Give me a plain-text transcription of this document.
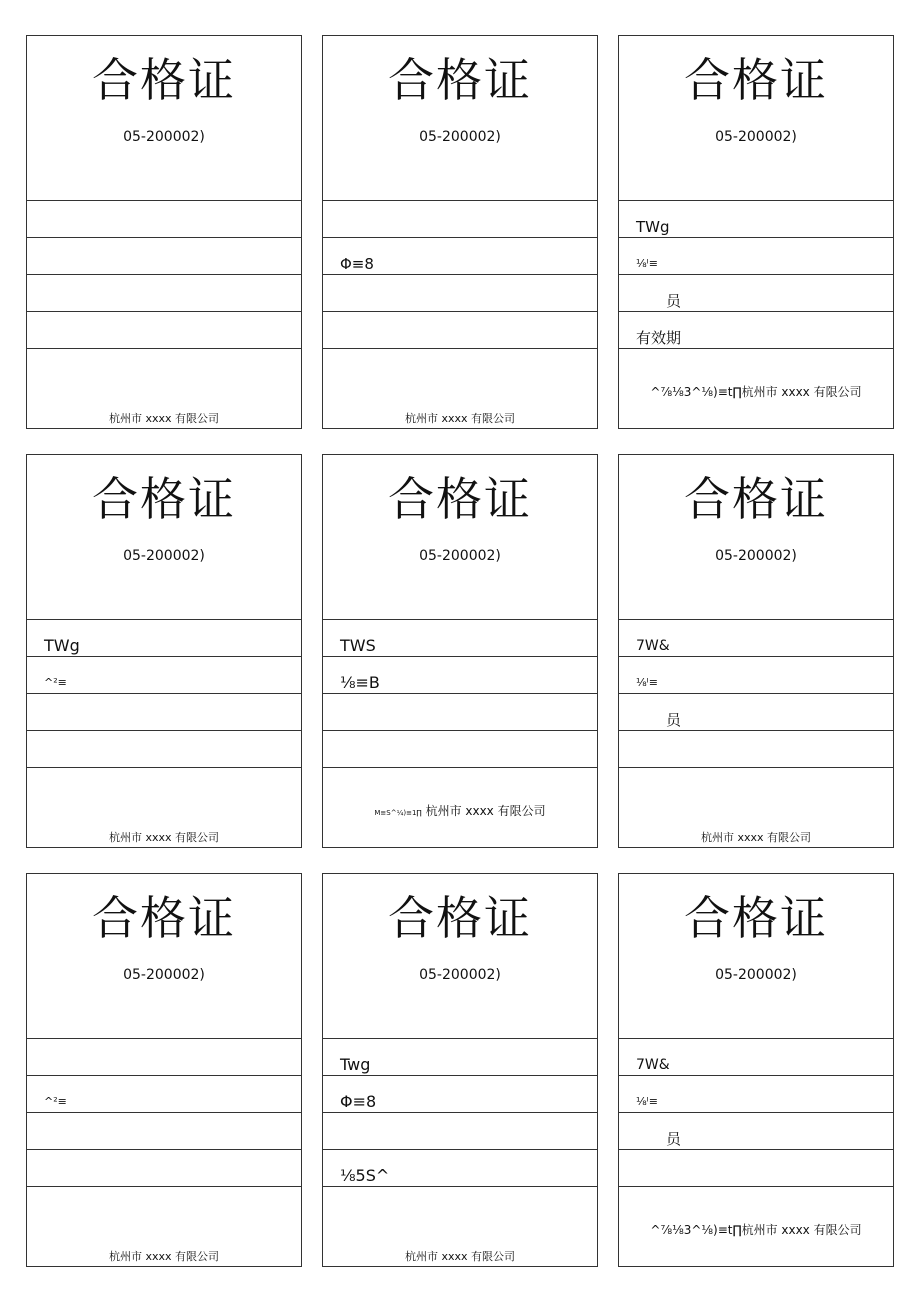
合格证
05-200002)
杭州市 xxxx 有限公司
合格证
05-200002)
Φ≡8
杭州市 xxxx 有限公司
合格证
05-200002)
TWg
⅛ᴵ≡
员
有效期
^⅞⅛3^⅛)≡t∏杭州市 xxxx 有限公司
合格证
05-200002)
TWg
^²≡
杭州市 xxxx 有限公司
合格证
05-200002)
TWS
⅛≡B
M≡S^¼)≡1∏ 杭州市 xxxx 有限公司
合格证
05-200002)
7W&
⅛ᴵ≡
员
杭州市 xxxx 有限公司
合格证
05-200002)
^²≡
杭州市 xxxx 有限公司
合格证
05-200002)
Twg
Φ≡8
⅛5S^
杭州市 xxxx 有限公司
合格证
05-200002)
7W&
⅛ᴵ≡
员
^⅞⅛3^⅛)≡t∏杭州市 xxxx 有限公司
